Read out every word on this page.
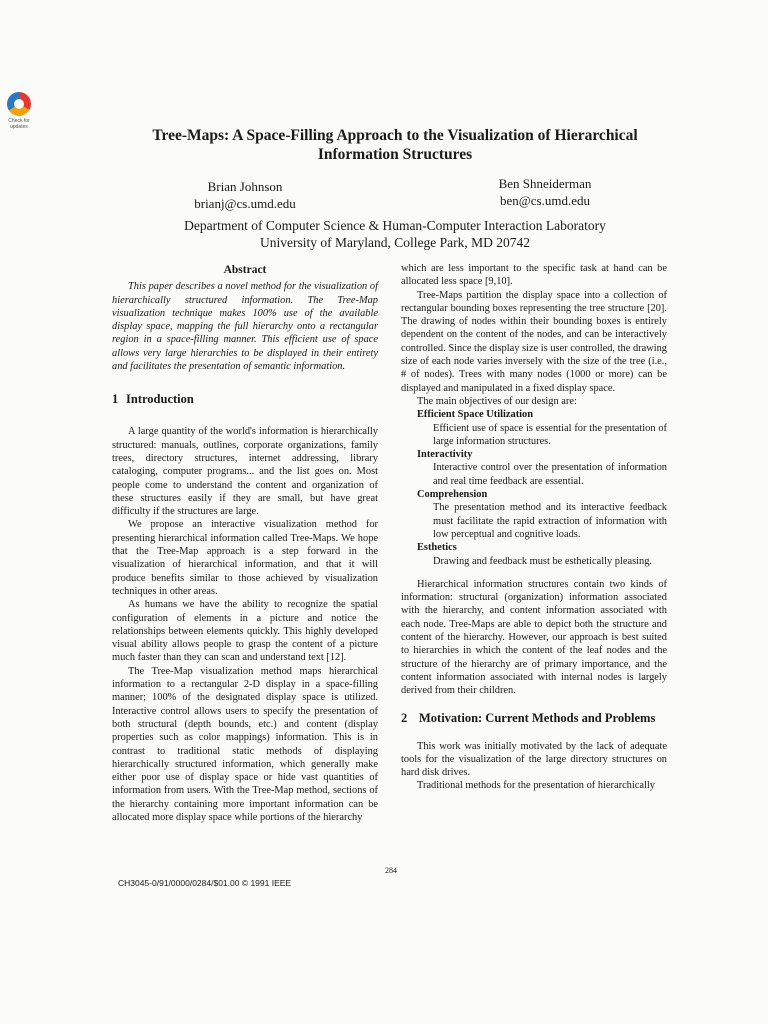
Check for updates	Tree-Maps: A Space-Filling Approach to the Visualization of Hierarchical Information Structures
Brian Johnson
brianj@cs.umd.edu
Ben Shneiderman
ben@cs.umd.edu
Department of Computer Science & Human-Computer Interaction Laboratory
University of Maryland, College Park, MD 20742
Abstract

This paper describes a novel method for the visualization of hierarchically structured information. The Tree-Map visualization technique makes 100% use of the available display space, mapping the full hierarchy onto a rectangular region in a space-filling manner. This efficient use of space allows very large hierarchies to be displayed in their entirety and facilitates the presentation of semantic information.

1 Introduction

A large quantity of the world's information is hierarchically structured: manuals, outlines, corporate organizations, family trees, directory structures, internet addressing, library cataloging, computer programs... and the list goes on. Most people come to understand the content and organization of these structures easily if they are small, but have great difficulty if the structures are large.

We propose an interactive visualization method for presenting hierarchical information called Tree-Maps. We hope that the Tree-Map approach is a step forward in the visualization of hierarchical information, and that it will produce benefits similar to those achieved by visualization techniques in other areas.

As humans we have the ability to recognize the spatial configuration of elements in a picture and notice the relationships between elements quickly. This highly developed visual ability allows people to grasp the content of a picture much faster than they can scan and understand text [12].

The Tree-Map visualization method maps hierarchical information to a rectangular 2-D display in a space-filling manner; 100% of the designated display space is utilized. Interactive control allows users to specify the presentation of both structural (depth bounds, etc.) and content (display properties such as color mappings) information. This is in contrast to traditional static methods of displaying hierarchically structured information, which generally make either poor use of display space or hide vast quantities of information from users. With the Tree-Map method, sections of the hierarchy containing more important information can be allocated more display space while portions of the hierarchy

which are less important to the specific task at hand can be allocated less space [9,10].

Tree-Maps partition the display space into a collection of rectangular bounding boxes representing the tree structure [20]. The drawing of nodes within their bounding boxes is entirely dependent on the content of the nodes, and can be interactively controlled. Since the display size is user controlled, the drawing size of each node varies inversely with the size of the tree (i.e., # of nodes). Trees with many nodes (1000 or more) can be displayed and manipulated in a fixed display space.

The main objectives of our design are:

Efficient Space Utilization
Efficient use of space is essential for the presentation of large information structures.
Interactivity
Interactive control over the presentation of information and real time feedback are essential.
Comprehension
The presentation method and its interactive feedback must facilitate the rapid extraction of information with low perceptual and cognitive loads.
Esthetics
Drawing and feedback must be esthetically pleasing.

Hierarchical information structures contain two kinds of information: structural (organization) information associated with the hierarchy, and content information associated with each node. Tree-Maps are able to depict both the structure and content of the hierarchy. However, our approach is best suited to hierarchies in which the content of the leaf nodes and the structure of the hierarchy are of primary importance, and the content information associated with internal nodes is largely derived from their children.

2 Motivation: Current Methods and Problems

This work was initially motivated by the lack of adequate tools for the visualization of the large directory structures on hard disk drives.

Traditional methods for the presentation of hierarchically

284
CH3045-0/91/0000/0284/$01.00 © 1991 IEEE
